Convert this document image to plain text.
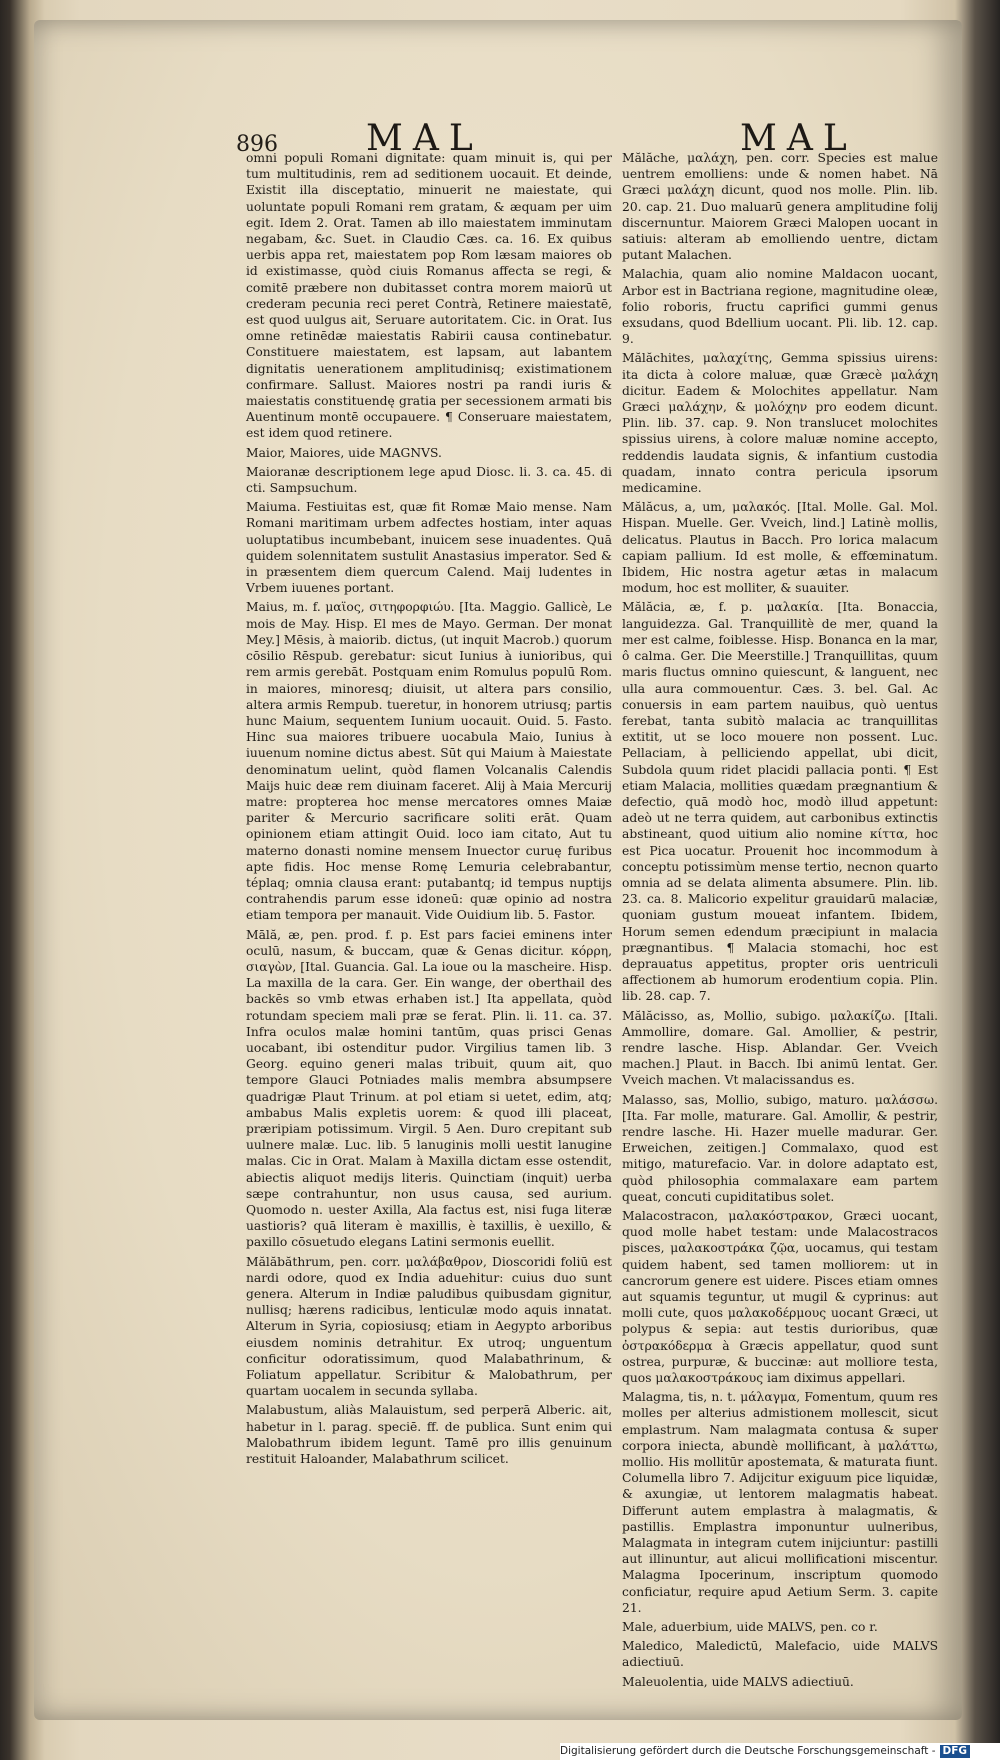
896 MAL	MAL

omni populi Romani dignitate: quam minuit is, qui per tum multitudinis, rem ad seditionem uocauit. Et deinde, Existit illa disceptatio, minuerit ne maiestate, qui uoluntate populi Romani rem gratam, & æquam per uim egit. Idem 2. Orat. Tamen ab illo maiestatem imminutam negabam, &c. Suet. in Claudio Cæs. ca. 16. Ex quibus uerbis appa ret, maiestatem pop Rom læsam maiores ob id existimasse, quòd ciuis Romanus affecta se regi, & comitē præbere non dubitasset contra morem maiorū ut crederam pecunia reci peret Contrà, Retinere maiestatē, est quod uulgus ait, Seruare autoritatem. Cic. in Orat. Ius omne retinēdæ maiestatis Rabirii causa continebatur. Constituere maiestatem, est lapsam, aut labantem dignitatis uenerationem amplitudinisq; existimationem confirmare. Sallust. Maiores nostri pa randi iuris & maiestatis constituendę gratia per secessionem armati bis Auentinum montē occupauere. ¶ Conseruare maiestatem, est idem quod retinere.

Maior, Maiores, uide MAGNVS.

Maioranæ descriptionem lege apud Diosc. li. 3. ca. 45. di cti. Sampsuchum.

Maiuma. Festiuitas est, quæ fit Romæ Maio mense. Nam Romani maritimam urbem adfectes hostiam, inter aquas uoluptatibus incumbebant, inuicem sese inuadentes. Quā quidem solennitatem sustulit Anastasius imperator. Sed & in præsentem diem quercum Calend. Maij ludentes in Vrbem iuuenes portant.

Maius, m. f. μαϊος, σιτηφορφιώυ. [Ita. Maggio. Gallicè, Le mois de May. Hisp. El mes de Mayo. German. Der monat Mey.] Mēsis, à maiorib. dictus, (ut inquit Macrob.) quorum cōsilio Rēspub. gerebatur: sicut Iunius à iunioribus, qui rem armis gerebāt. Postquam enim Romulus populū Rom. in maiores, minoresq; diuisit, ut altera pars consilio, altera armis Rempub. tueretur, in honorem utriusq; partis hunc Maium, sequentem Iunium uocauit. Ouid. 5. Fasto. Hinc sua maiores tribuere uocabula Maio, Iunius à iuuenum nomine dictus abest. Sūt qui Maium à Maiestate denominatum uelint, quòd flamen Volcanalis Calendis Maijs huic deæ rem diuinam faceret. Alij à Maia Mercurij matre: propterea hoc mense mercatores omnes Maiæ pariter & Mercurio sacrificare soliti erāt. Quam opinionem etiam attingit Ouid. loco iam citato, Aut tu materno donasti nomine mensem Inuector curuę furibus apte fidis. Hoc mense Romę Lemuria celebrabantur, téplaq; omnia clausa erant: putabantq; id tempus nuptijs contrahendis parum esse idoneū: quæ opinio ad nostra etiam tempora per manauit. Vide Ouidium lib. 5. Fastor.

Mālă, æ, pen. prod. f. p. Est pars faciei eminens inter oculū, nasum, & buccam, quæ & Genas dicitur. κόρρη, σιαγὼν, [Ital. Guancia. Gal. La ioue ou la mascheire. Hisp. La maxilla de la cara. Ger. Ein wange, der oberthail des backēs so vmb etwas erhaben ist.] Ita appellata, quòd rotundam speciem mali præ se ferat. Plin. li. 11. ca. 37. Infra oculos malæ homini tantūm, quas prisci Genas uocabant, ibi ostenditur pudor. Virgilius tamen lib. 3 Georg. equino generi malas tribuit, quum ait, quo tempore Glauci Potniades malis membra absumpsere quadrigæ Plaut Trinum. at pol etiam si uetet, edim, atq; ambabus Malis expletis uorem: & quod illi placeat, præripiam potissimum. Virgil. 5 Aen. Duro crepitant sub uulnere malæ. Luc. lib. 5 lanuginis molli uestit lanugine malas. Cic in Orat. Malam à Maxilla dictam esse ostendit, abiectis aliquot medijs literis. Quinctiam (inquit) uerba sæpe contrahuntur, non usus causa, sed aurium. Quomodo n. uester Axilla, Ala factus est, nisi fuga literæ uastioris? quā literam è maxillis, è taxillis, è uexillo, & paxillo cōsuetudo elegans Latini sermonis euellit.

Mălăbăthrum, pen. corr. μαλάβαθρον, Dioscoridi foliū est nardi odore, quod ex India aduehitur: cuius duo sunt genera. Alterum in Indiæ paludibus quibusdam gignitur, nullisq; hærens radicibus, lenticulæ modo aquis innatat. Alterum in Syria, copiosiusq; etiam in Aegypto arboribus eiusdem nominis detrahitur. Ex utroq; unguentum conficitur odoratissimum, quod Malabathrinum, & Foliatum appellatur. Scribitur & Malobathrum, per quartam uocalem in secunda syllaba.

Malabustum, aliàs Malauistum, sed perperā Alberic. ait, habetur in l. parag. speciē. ff. de publica. Sunt enim qui Malobathrum ibidem legunt. Tamē pro illis genuinum restituit Haloander, Malabathrum scilicet.

Mălăche, μαλάχη, pen. corr. Species est malue uentrem emolliens: unde & nomen habet. Nā Græci μαλάχη dicunt, quod nos molle. Plin. lib. 20. cap. 21. Duo maluarū genera amplitudine folij discernuntur. Maiorem Græci Malopen uocant in satiuis: alteram ab emolliendo uentre, dictam putant Malachen.

Malachia, quam alio nomine Maldacon uocant, Arbor est in Bactriana regione, magnitudine oleæ, folio roboris, fructu caprifici gummi genus exsudans, quod Bdellium uocant. Pli. lib. 12. cap. 9.

Mălăchites, μαλαχίτης, Gemma spissius uirens: ita dicta à colore maluæ, quæ Græcè μαλάχη dicitur. Eadem & Molochites appellatur. Nam Græci μαλάχην, & μολόχην pro eodem dicunt. Plin. lib. 37. cap. 9. Non translucet molochites spissius uirens, à colore maluæ nomine accepto, reddendis laudata signis, & infantium custodia quadam, innato contra pericula ipsorum medicamine.

Mălăcus, a, um, μαλακός. [Ital. Molle. Gal. Mol. Hispan. Muelle. Ger. Vveich, lind.] Latinè mollis, delicatus. Plautus in Bacch. Pro lorica malacum capiam pallium. Id est molle, & effœminatum. Ibidem, Hic nostra agetur ætas in malacum modum, hoc est molliter, & suauiter.

Mălăcia, æ, f. p. μαλακία. [Ita. Bonaccia, languidezza. Gal. Tranquillitè de mer, quand la mer est calme, foiblesse. Hisp. Bonanca en la mar, ô calma. Ger. Die Meerstille.] Tranquillitas, quum maris fluctus omnino quiescunt, & languent, nec ulla aura commouentur. Cæs. 3. bel. Gal. Ac conuersis in eam partem nauibus, quò uentus ferebat, tanta subitò malacia ac tranquillitas extitit, ut se loco mouere non possent. Luc. Pellaciam, à pelliciendo appellat, ubi dicit, Subdola quum ridet placidi pallacia ponti. ¶ Est etiam Malacia, mollities quædam prægnantium & defectio, quā modò hoc, modò illud appetunt: adeò ut ne terra quidem, aut carbonibus extinctis abstineant, quod uitium alio nomine κίττα, hoc est Pica uocatur. Prouenit hoc incommodum à conceptu potissimùm mense tertio, necnon quarto omnia ad se delata alimenta absumere. Plin. lib. 23. ca. 8. Malicorio expelitur grauidarū malaciæ, quoniam gustum moueat infantem. Ibidem, Horum semen edendum præcipiunt in malacia prægnantibus. ¶ Malacia stomachi, hoc est deprauatus appetitus, propter oris uentriculi affectionem ab humorum erodentium copia. Plin. lib. 28. cap. 7.

Mălăcisso, as, Mollio, subigo. μαλακίζω. [Itali. Ammollire, domare. Gal. Amollier, & pestrir, rendre lasche. Hisp. Ablandar. Ger. Vveich machen.] Plaut. in Bacch. Ibi animū lentat. Ger. Vveich machen. Vt malacissandus es.

Malasso, sas, Mollio, subigo, maturo. μαλάσσω. [Ita. Far molle, maturare. Gal. Amollir, & pestrir, rendre lasche. Hi. Hazer muelle madurar. Ger. Erweichen, zeitigen.] Commalaxo, quod est mitigo, maturefacio. Var. in dolore adaptato est, quòd philosophia commalaxare eam partem queat, concuti cupiditatibus solet.

Malacostracon, μαλακόστρακον, Græci uocant, quod molle habet testam: unde Malacostracos pisces, μαλακοστράκα ζῷα, uocamus, qui testam quidem habent, sed tamen molliorem: ut in cancrorum genere est uidere. Pisces etiam omnes aut squamis teguntur, ut mugil & cyprinus: aut molli cute, quos μαλακοδέρμους uocant Græci, ut polypus & sepia: aut testis durioribus, quæ ὀστρακόδερμα à Græcis appellatur, quod sunt ostrea, purpuræ, & buccinæ: aut molliore testa, quos μαλακοστράκους iam diximus appellari.

Malagma, tis, n. t. μάλαγμα, Fomentum, quum res molles per alterius admistionem mollescit, sicut emplastrum. Nam malagmata contusa & super corpora iniecta, abundè mollificant, à μαλάττω, mollio. His mollitūr apostemata, & maturata fiunt. Columella libro 7. Adijcitur exiguum pice liquidæ, & axungiæ, ut lentorem malagmatis habeat. Differunt autem emplastra à malagmatis, & pastillis. Emplastra imponuntur uulneribus, Malagmata in integram cutem inijciuntur: pastilli aut illinuntur, aut alicui mollificationi miscentur. Malagma Ipocerinum, inscriptum quomodo conficiatur, require apud Aetium Serm. 3. capite 21.

Male, aduerbium, uide MALVS, pen. co r.

Maledico, Maledictū, Malefacio, uide MALVS adiectiuū.

Maleuolentia, uide MALVS adiectiuū.

Digitalisierung gefördert durch die Deutsche Forschungsgemeinschaft - DFG
